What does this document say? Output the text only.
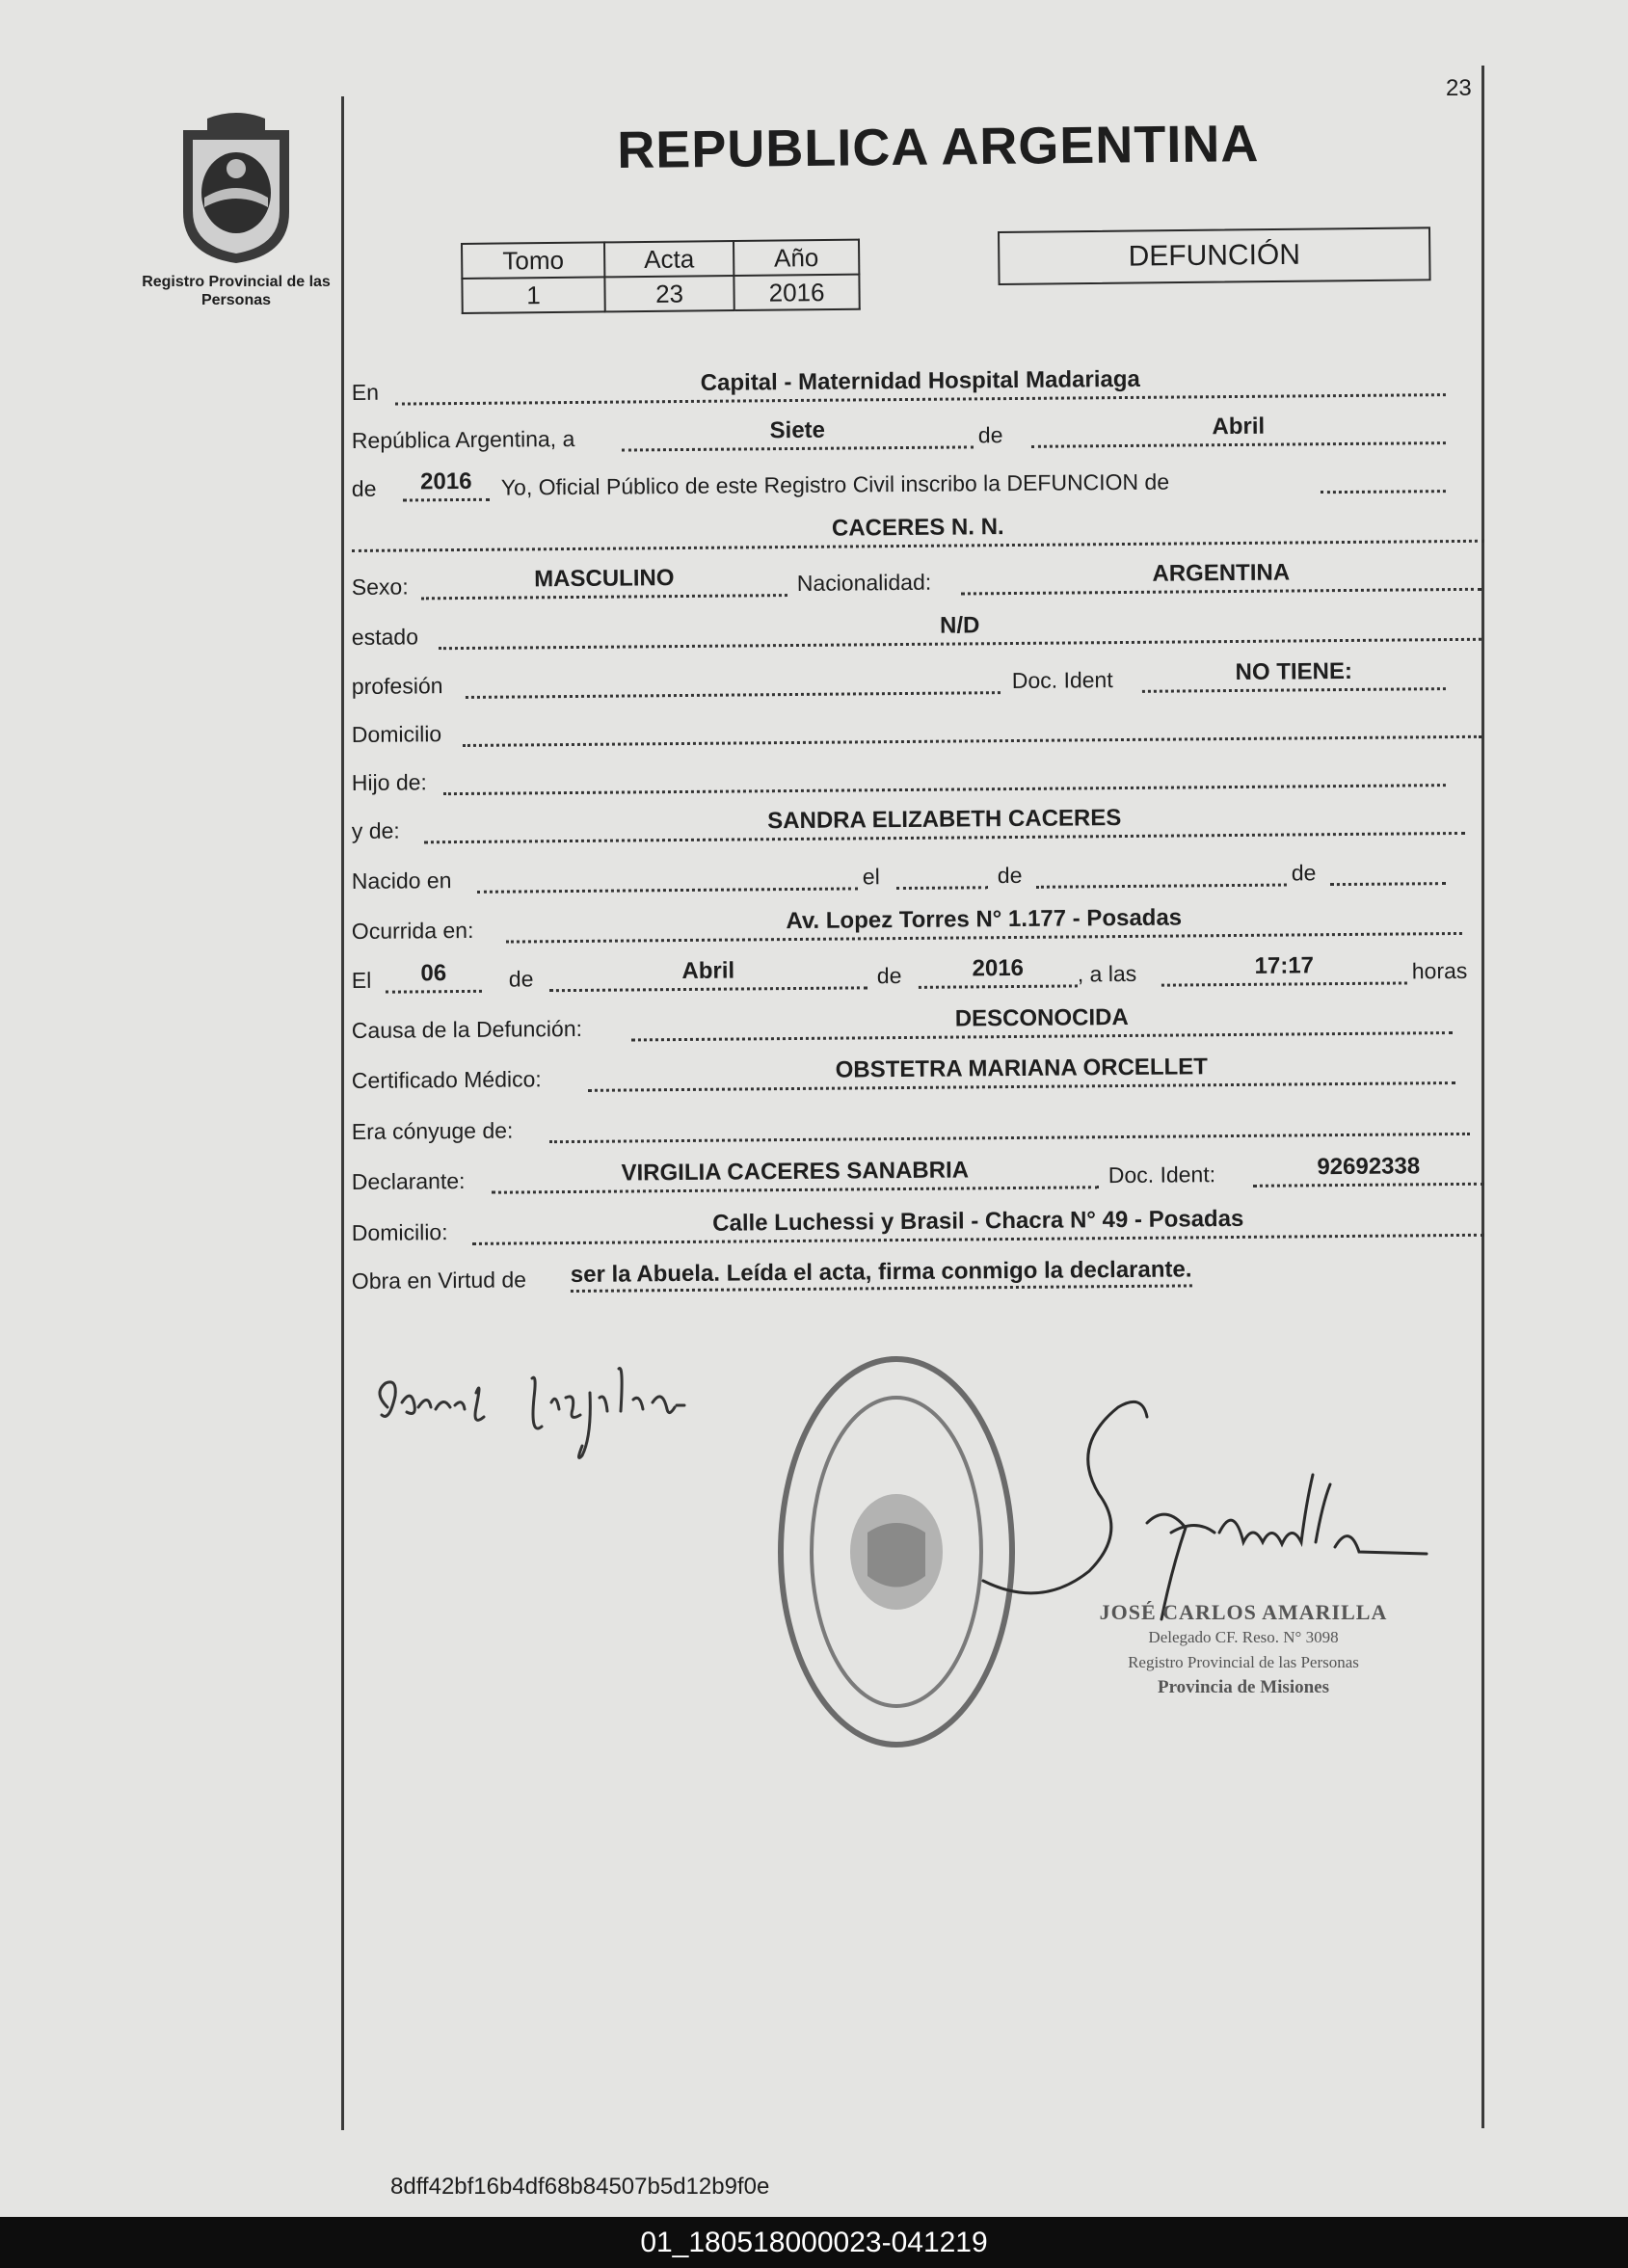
23
Registro Provincial de las Personas
REPUBLICA ARGENTINA
Tomo	Acta	Año
1	23	2016
DEFUNCIÓN
En	Capital - Maternidad Hospital Madariaga
República Argentina, a	Siete	de	Abril
de	2016	Yo, Oficial Público de este Registro Civil inscribo la DEFUNCION de
CACERES N. N.
Sexo:	MASCULINO	Nacionalidad:	ARGENTINA
estado	N/D
profesión	Doc. Ident	NO TIENE:
Domicilio
Hijo de:
y de:	SANDRA ELIZABETH CACERES
Nacido en	el	de	de
Ocurrida en:	Av. Lopez Torres N° 1.177 - Posadas
El	06	de	Abril	de	2016	, a las	17:17	horas
Causa de la Defunción:	DESCONOCIDA
Certificado Médico:	OBSTETRA MARIANA ORCELLET
Era cónyuge de:
Declarante:	VIRGILIA CACERES SANABRIA	Doc. Ident:	92692338
Domicilio:	Calle Luchessi y Brasil - Chacra N° 49 - Posadas
Obra en Virtud de ser la Abuela. Leída el acta, firma conmigo la declarante.
JOSÉ CARLOS AMARILLA
Delegado CF. Reso. N° 3098
Registro Provincial de las Personas
Provincia de Misiones
8dff42bf16b4df68b84507b5d12b9f0e
01_180518000023-041219
